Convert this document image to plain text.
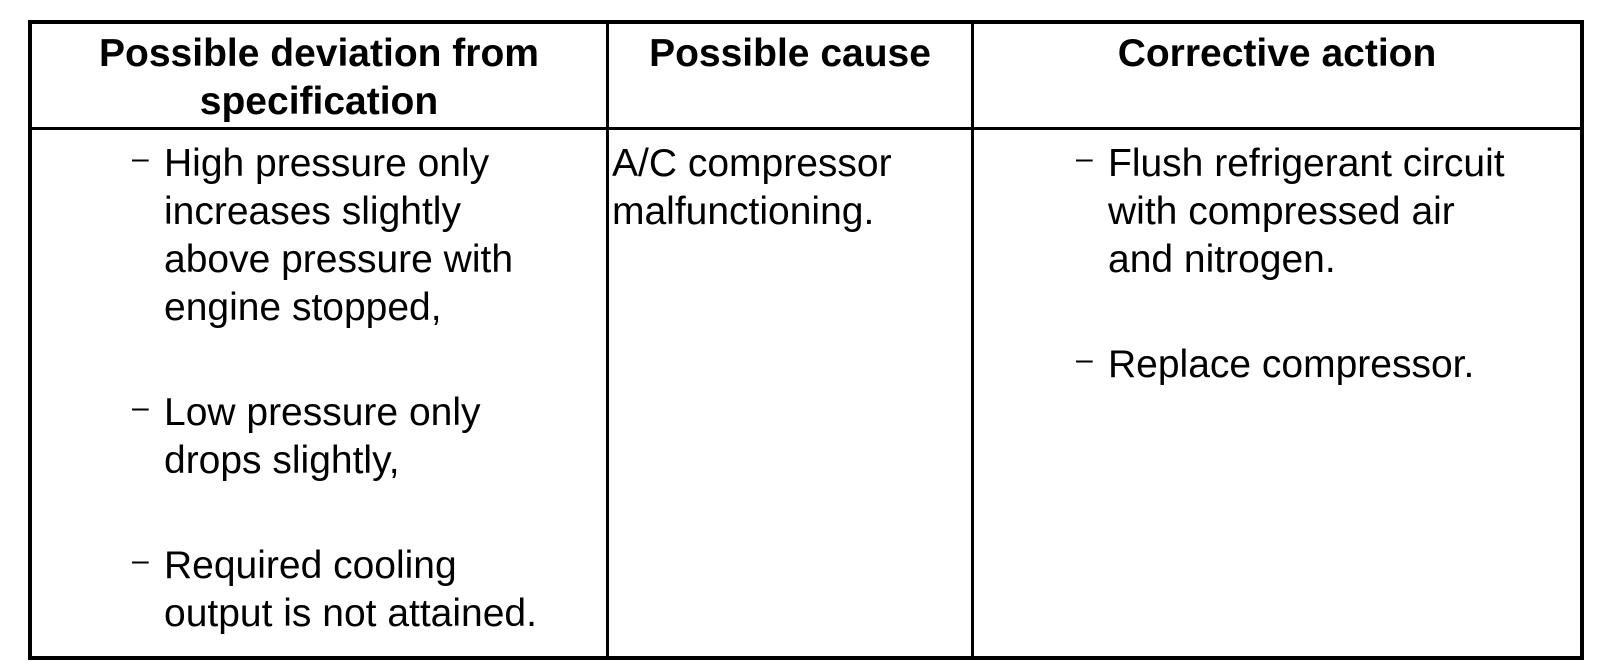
Possible deviation from specification
Possible cause	Corrective action
– High pressure only increases slightly above pressure with engine stopped,
– Low pressure only drops slightly,
– Required cooling output is not attained.
A/C compressor malfunctioning.
– Flush refrigerant circuit with compressed air and nitrogen.
– Replace compressor.
